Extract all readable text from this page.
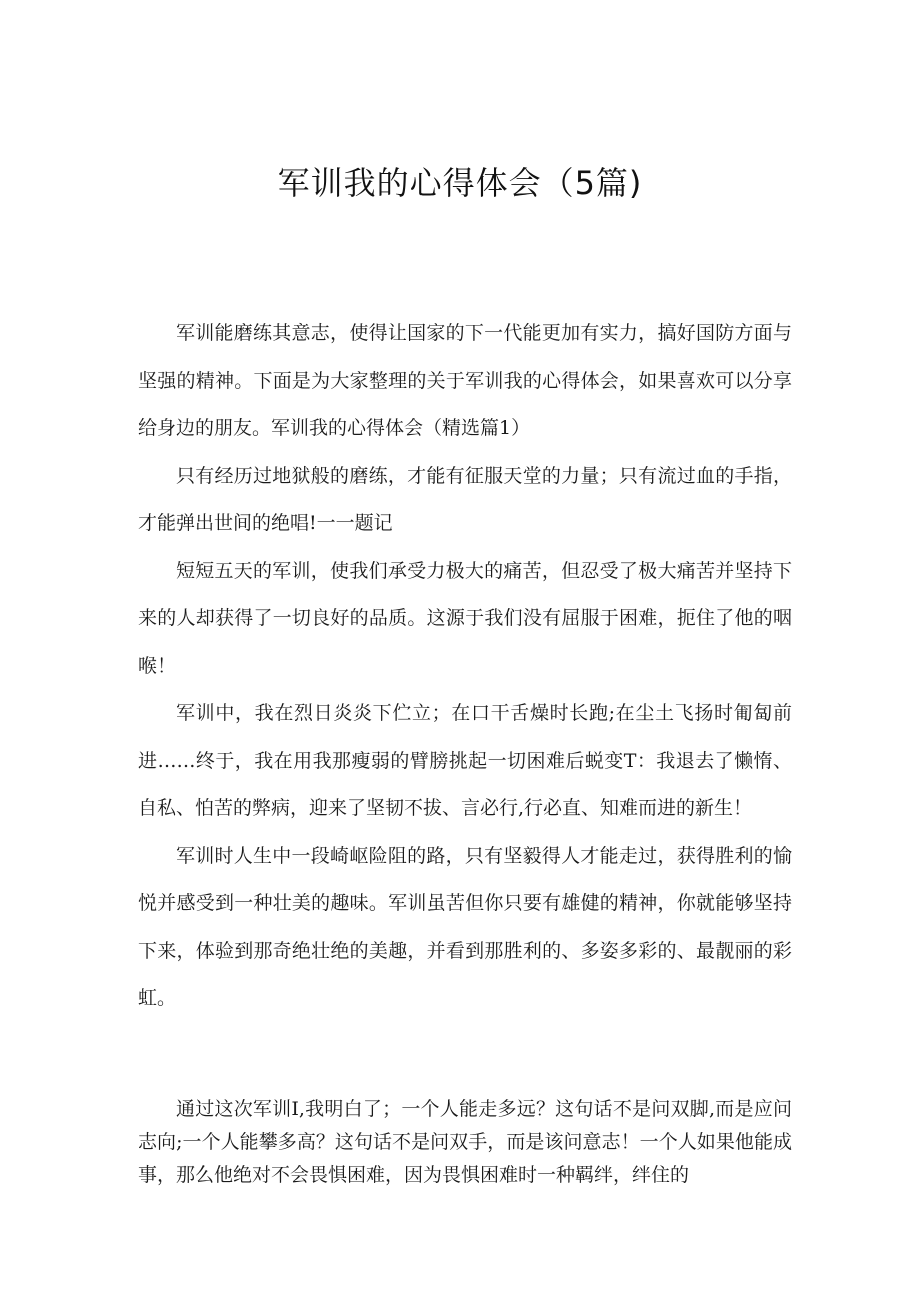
军训我的心得体会（5篇)

军训能磨练其意志，使得让国家的下一代能更加有实力，搞好国防方面与坚强的精神。下面是为大家整理的关于军训我的心得体会，如果喜欢可以分享给身边的朋友。军训我的心得体会（精选篇1）

只有经历过地狱般的磨练，才能有征服天堂的力量；只有流过血的手指，才能弹出世间的绝唱!一一题记

短短五天的军训，使我们承受力极大的痛苦，但忍受了极大痛苦并坚持下来的人却获得了一切良好的品质。这源于我们没有屈服于困难，扼住了他的咽喉！

军训中，我在烈日炎炎下伫立；在口干舌燥时长跑;在尘土飞扬时匍匐前进……终于，我在用我那瘦弱的臂膀挑起一切困难后蜕变T：我退去了懒惰、自私、怕苦的弊病，迎来了坚韧不拔、言必行,行必直、知难而进的新生！

军训时人生中一段崎岖险阻的路，只有坚毅得人才能走过，获得胜利的愉悦并感受到一种壮美的趣味。军训虽苦但你只要有雄健的精神，你就能够坚持下来，体验到那奇绝壮绝的美趣，并看到那胜利的、多姿多彩的、最靓丽的彩虹。

通过这次军训I,我明白了；一个人能走多远？这句话不是问双脚,而是应问志向;一个人能攀多高？这句话不是问双手，而是该问意志！一个人如果他能成事，那么他绝对不会畏惧困难，因为畏惧困难时一种羁绊，绊住的
